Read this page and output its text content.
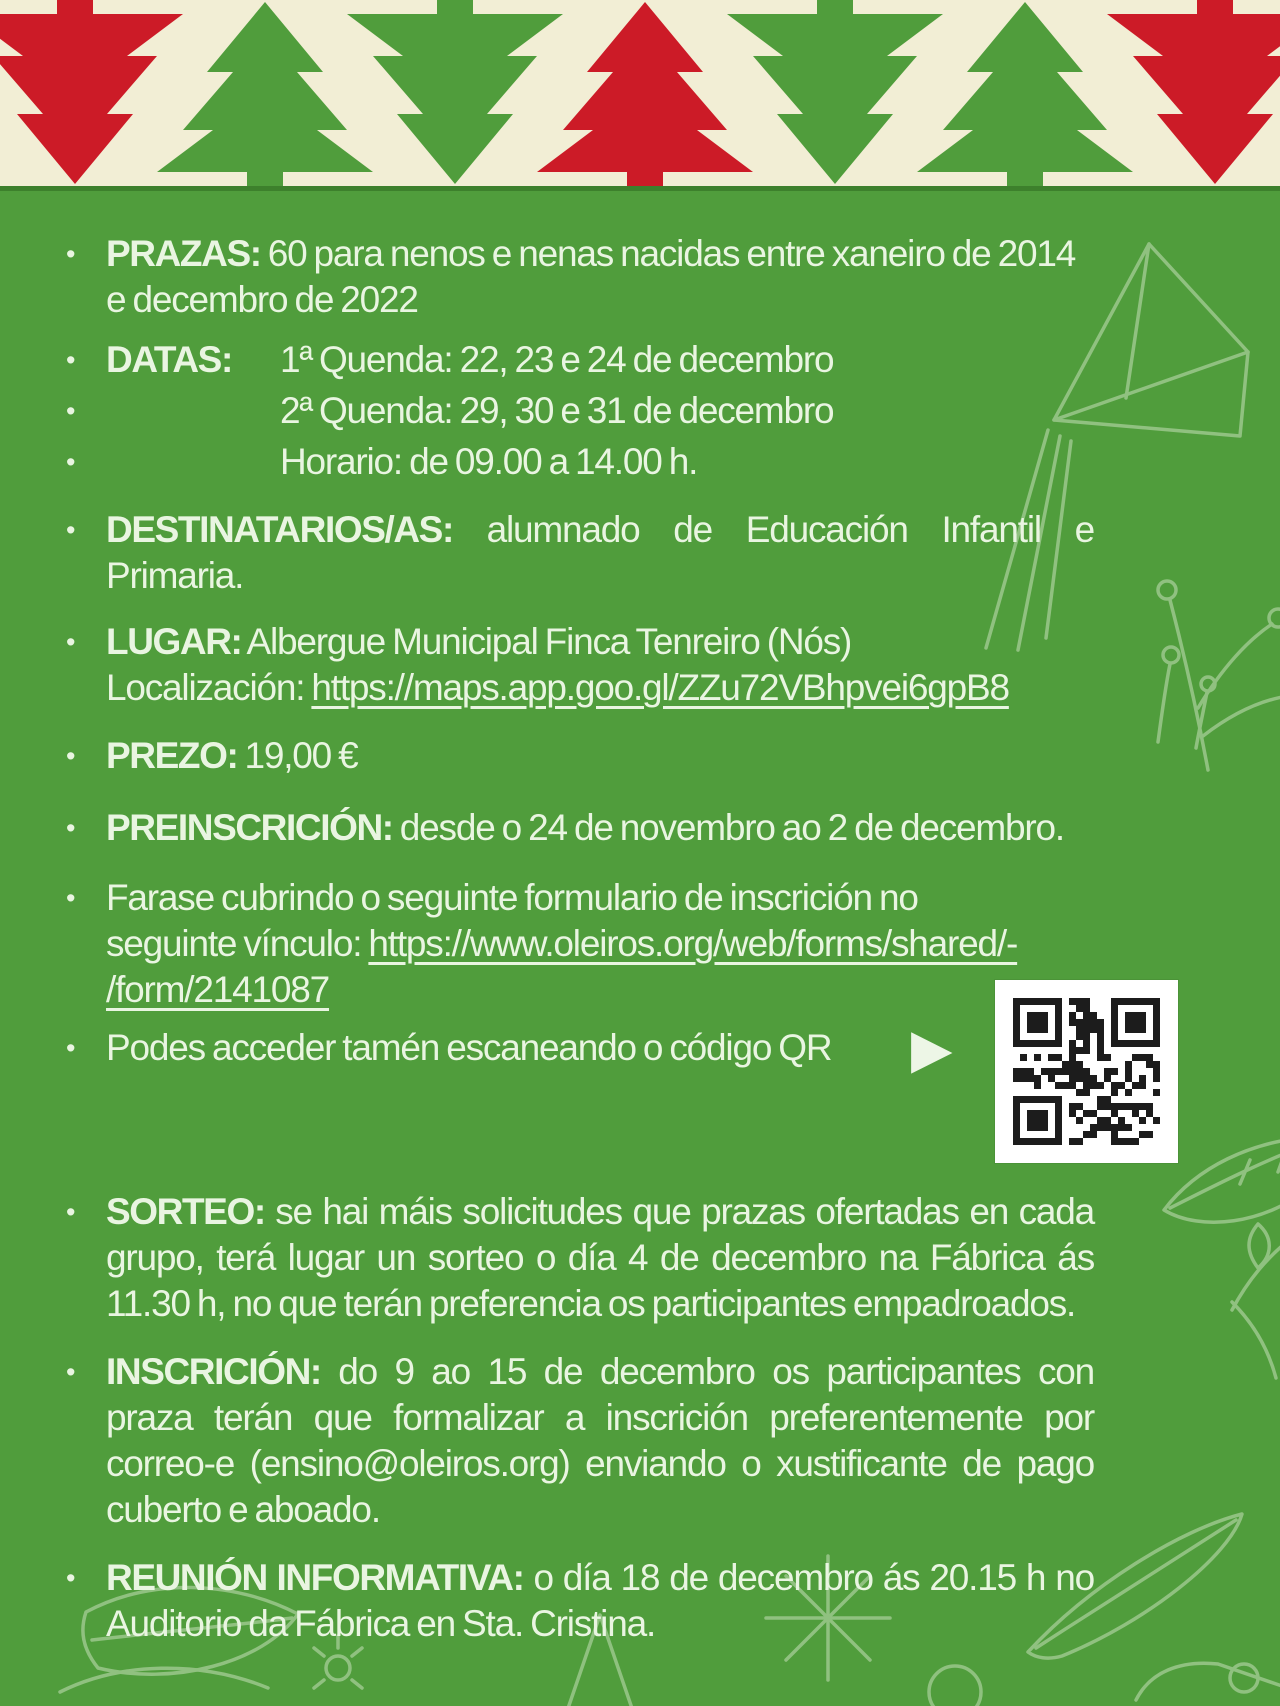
• PRAZAS: 60 para nenos e nenas nacidas entre xaneiro de 2014
e decembro de 2022
• DATAS: 1ª Quenda: 22, 23 e 24 de decembro
•	2ª Quenda: 29, 30 e 31 de decembro
•	Horario: de 09.00 a 14.00 h.
• DESTINATARIOS/AS: alumnado de Educación Infantil e
Primaria.
• LUGAR: Albergue Municipal Finca Tenreiro (Nós)
Localización: https://maps.app.goo.gl/ZZu72VBhpvei6gpB8
• PREZO: 19,00 €
• PREINSCRICIÓN: desde o 24 de novembro ao 2 de decembro.
• Farase cubrindo o seguinte formulario de inscrición no
seguinte vínculo: https://www.oleiros.org/web/forms/shared/-
/form/2141087
• Podes acceder tamén escaneando o código QR	▶
• SORTEO: se hai máis solicitudes que prazas ofertadas en cada grupo, terá lugar un sorteo o día 4 de decembro na Fábrica ás 11.30 h, no que terán preferencia os participantes empadroados.
• INSCRICIÓN: do 9 ao 15 de decembro os participantes con praza terán que formalizar a inscrición preferentemente por correo-e (ensino@oleiros.org) enviando o xustificante de pago cuberto e aboado.
• REUNIÓN INFORMATIVA: o día 18 de decembro ás 20.15 h no
Auditorio da Fábrica en Sta. Cristina.
